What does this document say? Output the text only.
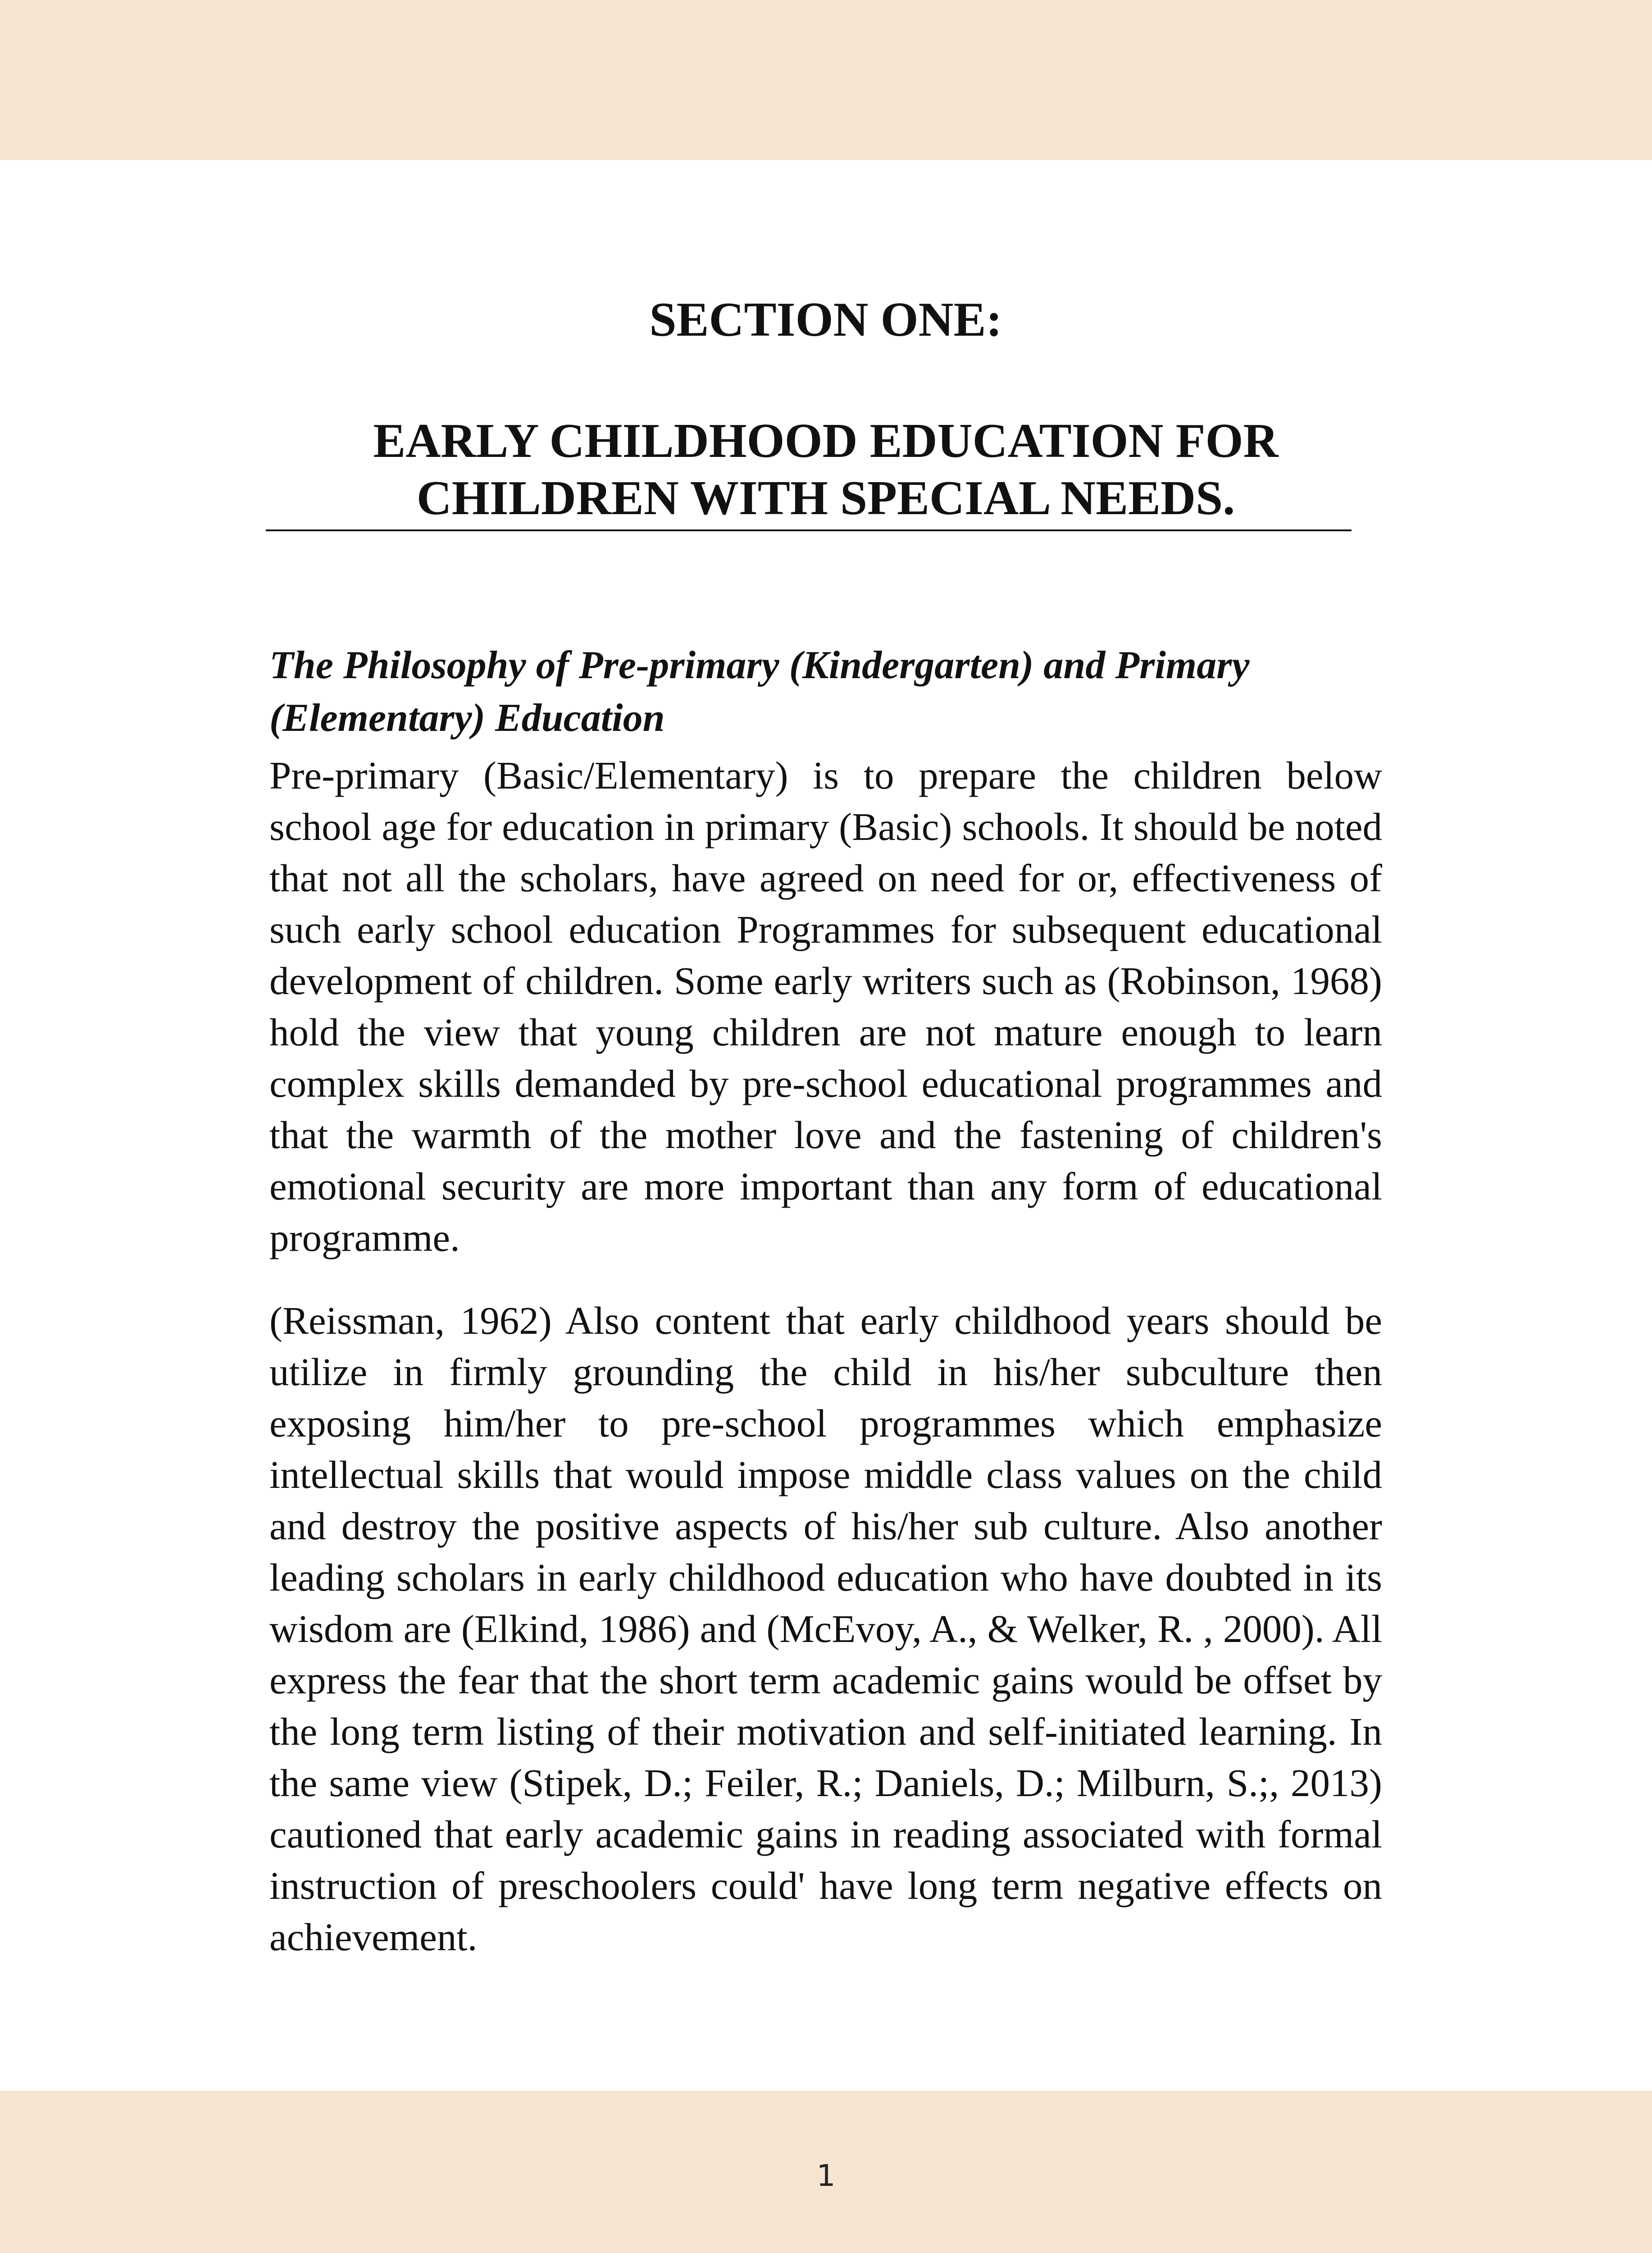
SECTION ONE:
EARLY CHILDHOOD EDUCATION FOR CHILDREN WITH SPECIAL NEEDS.
The Philosophy of Pre-primary (Kindergarten) and Primary (Elementary) Education

Pre-primary (Basic/Elementary) is to prepare the children below school age for education in primary (Basic) schools. It should be noted that not all the scholars, have agreed on need for or, effectiveness of such early school education Programmes for subsequent educational development of children. Some early writers such as (Robinson, 1968) hold the view that young children are not mature enough to learn complex skills demanded by pre-school educational programmes and that the warmth of the mother love and the fastening of children's emotional security are more important than any form of educational programme.

(Reissman, 1962) Also content that early childhood years should be utilize in firmly grounding the child in his/her subculture then exposing him/her to pre-school programmes which emphasize intellectual skills that would impose middle class values on the child and destroy the positive aspects of his/her sub culture. Also another leading scholars in early childhood education who have doubted in its wisdom are (Elkind, 1986) and (McEvoy, A., & Welker, R. , 2000). All express the fear that the short term academic gains would be offset by the long term listing of their motivation and self-initiated learning. In the same view (Stipek, D.; Feiler, R.; Daniels, D.; Milburn, S.;, 2013) cautioned that early academic gains in reading associated with formal instruction of preschoolers could' have long term negative effects on achievement.

1
